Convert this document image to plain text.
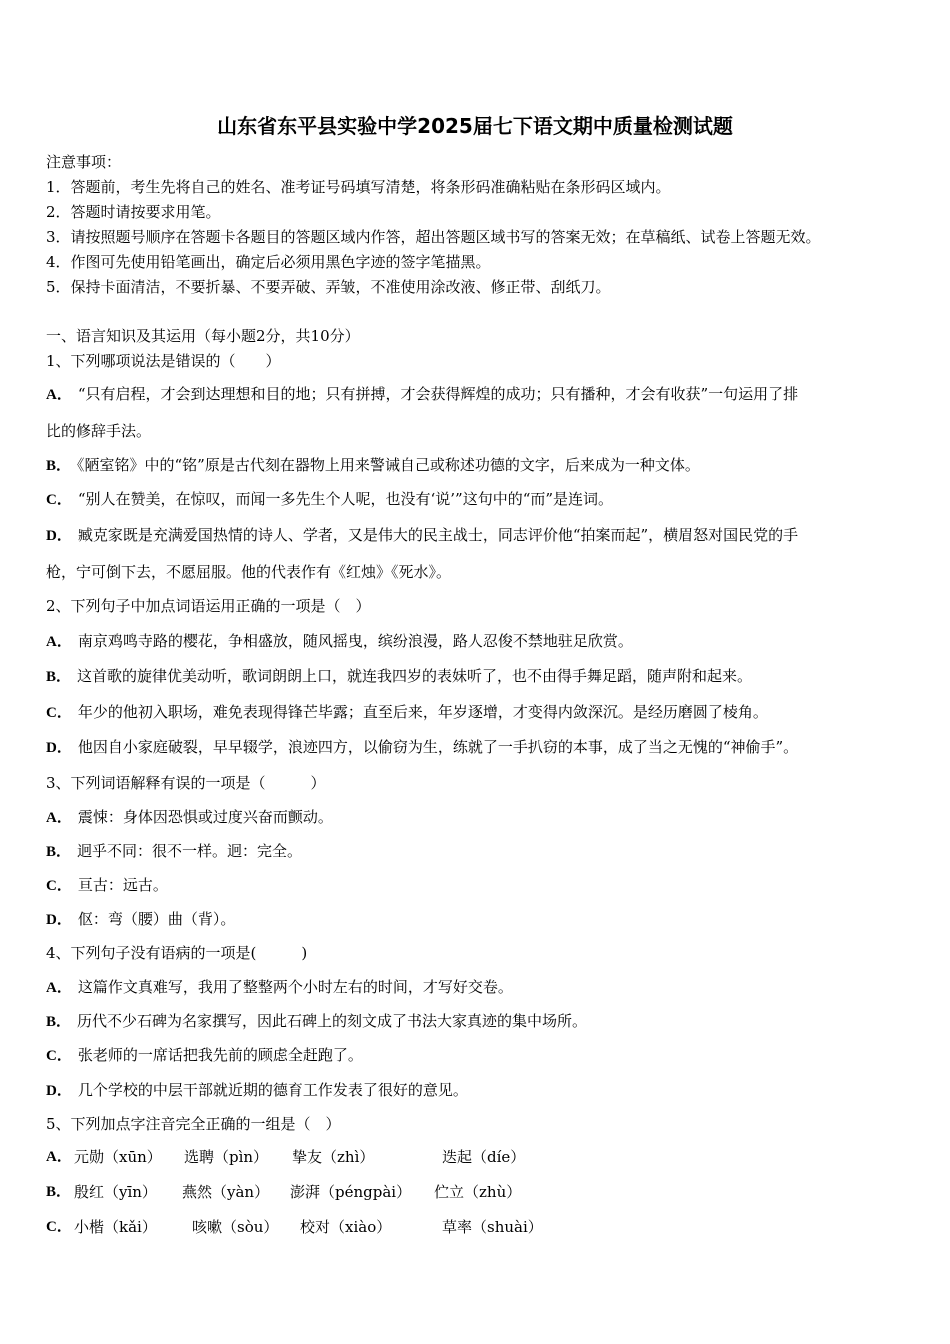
山东省东平县实验中学2025届七下语文期中质量检测试题
注意事项：
1．答题前，考生先将自己的姓名、准考证号码填写清楚，将条形码准确粘贴在条形码区域内。
2．答题时请按要求用笔。
3．请按照题号顺序在答题卡各题目的答题区域内作答，超出答题区域书写的答案无效；在草稿纸、试卷上答题无效。
4．作图可先使用铅笔画出，确定后必须用黑色字迹的签字笔描黑。
5．保持卡面清洁，不要折暴、不要弄破、弄皱，不准使用涂改液、修正带、刮纸刀。
一、语言知识及其运用（每小题2分，共10分）
1、下列哪项说法是错误的（　　）
A． “只有启程，才会到达理想和目的地；只有拼搏，才会获得辉煌的成功；只有播种，才会有收获”一句运用了排
比的修辞手法。
B． 《陋室铭》中的“铭”原是古代刻在器物上用来警诫自己或称述功德的文字，后来成为一种文体。
C． “别人在赞美，在惊叹，而闻一多先生个人呢，也没有‘说’”这句中的“而”是连词。
D． 臧克家既是充满爱国热情的诗人、学者，又是伟大的民主战士，同志评价他“拍案而起”，横眉怒对国民党的手
枪，宁可倒下去，不愿屈服。他的代表作有《红烛》《死水》。
2、下列句子中加点词语运用正确的一项是（　）
A． 南京鸡鸣寺路的樱花，争相盛放，随风摇曳，缤纷浪漫，路人忍俊不禁地驻足欣赏。
B． 这首歌的旋律优美动听，歌词朗朗上口，就连我四岁的表妹听了，也不由得手舞足蹈，随声附和起来。
C． 年少的他初入职场，难免表现得锋芒毕露；直至后来，年岁逐增，才变得内敛深沉。是经历磨圆了棱角。
D． 他因自小家庭破裂，早早辍学，浪迹四方，以偷窃为生，练就了一手扒窃的本事，成了当之无愧的“神偷手”。
3、下列词语解释有误的一项是（　　　）
A． 震悚：身体因恐惧或过度兴奋而颤动。
B． 迥乎不同：很不一样。迥：完全。
C． 亘古：远古。
D． 伛：弯（腰）曲（背）。
4、下列句子没有语病的一项是(　　　)
A． 这篇作文真难写，我用了整整两个小时左右的时间，才写好交卷。
B． 历代不少石碑为名家撰写，因此石碑上的刻文成了书法大家真迹的集中场所。
C． 张老师的一席话把我先前的顾虑全赶跑了。
D． 几个学校的中层干部就近期的德育工作发表了很好的意见。
5、下列加点字注音完全正确的一组是（　）
A． 元勋（xūn） 选聘（pìn） 挚友（zhì）	迭起（díe）
B． 殷红（yīn） 燕然（yàn） 澎湃（péngpài） 伫立（zhù）
C． 小楷（kǎi） 咳嗽（sòu） 校对（xiào）	草率（shuài）
